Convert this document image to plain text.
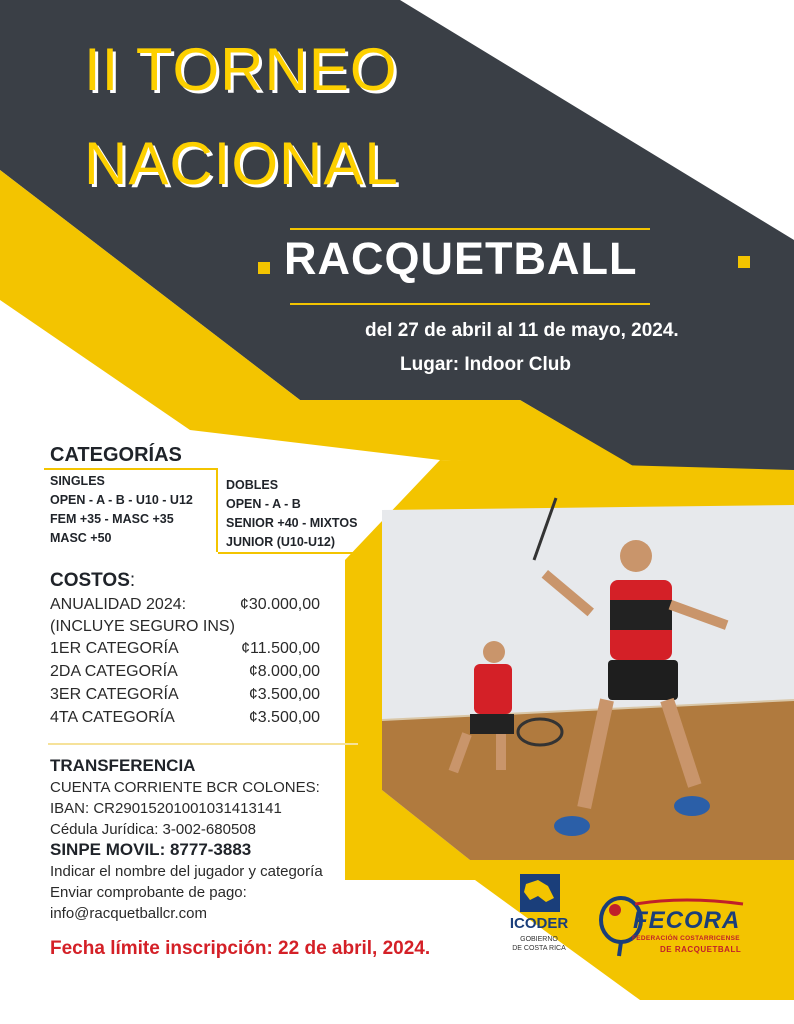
II TORNEO
NACIONAL
RACQUETBALL
del 27 de abril al 11 de mayo, 2024.
Lugar: Indoor Club
CATEGORÍAS
SINGLES
OPEN - A - B - U10 - U12
FEM +35 - MASC +35
MASC +50
DOBLES
OPEN - A - B
SENIOR +40 - MIXTOS
JUNIOR (U10-U12)
COSTOS:
ANUALIDAD 2024:	¢30.000,00
(INCLUYE SEGURO INS)
1ER CATEGORÍA	¢11.500,00
2DA CATEGORÍA	¢8.000,00
3ER CATEGORÍA	¢3.500,00
4TA CATEGORÍA	¢3.500,00
TRANSFERENCIA
CUENTA CORRIENTE BCR COLONES:
IBAN: CR29015201001031413141
Cédula Jurídica: 3-002-680508
SINPE MOVIL: 8777-3883
Indicar el nombre del jugador y categoría
Enviar comprobante de pago:
info@racquetballcr.com
Fecha límite inscripción: 22 de abril, 2024.
ICODER
GOBIERNO
DE COSTA RICA
FECORA
FEDERACIÓN COSTARRICENSE
DE RACQUETBALL
